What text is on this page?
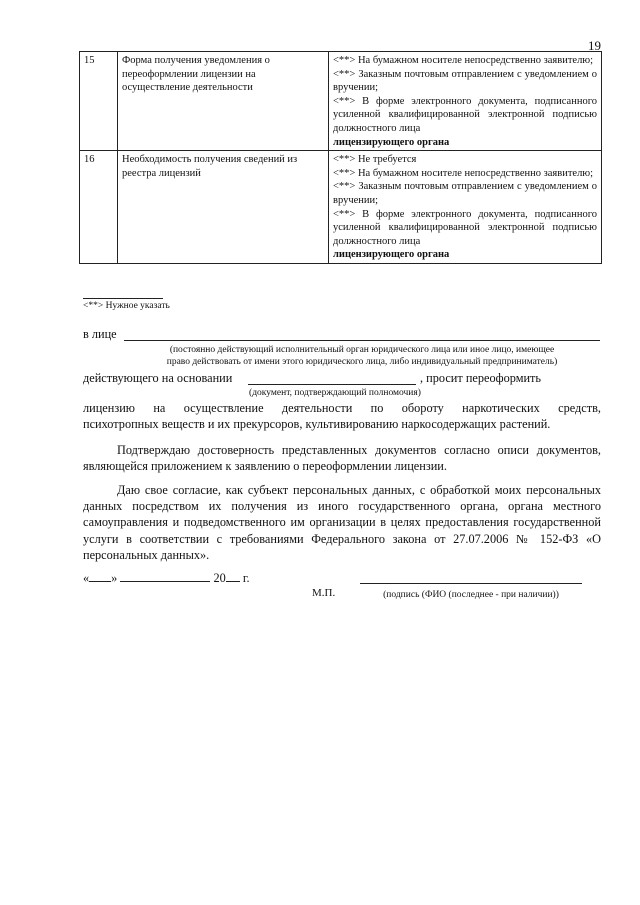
19
15	Форма получения уведомления о переоформлении лицензии на осуществление деятельности	<**> На бумажном носителе непосредственно заявителю;
<**> Заказным почтовым отправлением с уведомлением о вручении;
<**> В форме электронного документа, подписанного усиленной квалифицированной электронной подписью должностного лица
лицензирующего органа

16	Необходимость получения сведений из реестра лицензий	<**> Не требуется
<**> На бумажном носителе непосредственно заявителю;
<**> Заказным почтовым отправлением с уведомлением о вручении;
<**> В форме электронного документа, подписанного усиленной квалифицированной электронной подписью должностного лица
лицензирующего органа
<**> Нужное указать
в лице
(постоянно действующий исполнительный орган юридического лица или иное лицо, имеющее
право действовать от имени этого юридического лица, либо индивидуальный предприниматель)
действующего на основании	, просит переоформить
(документ, подтверждающий полномочия)
лицензию на осуществление деятельности по обороту наркотических средств,
психотропных веществ и их прекурсоров, культивированию наркосодержащих растений.
Подтверждаю достоверность представленных документов согласно описи документов, являющейся приложением к заявлению о переоформлении лицензии.
Даю свое согласие, как субъект персональных данных, с обработкой моих персональных данных посредством их получения из иного государственного органа, органа местного самоуправления и подведомственного им организации в целях предоставления государственной услуги в соответствии с требованиями Федерального закона от 27.07.2006 № 152-ФЗ «О персональных данных».
« »	20 г.
М.П.	(подпись (ФИО (последнее - при наличии))
